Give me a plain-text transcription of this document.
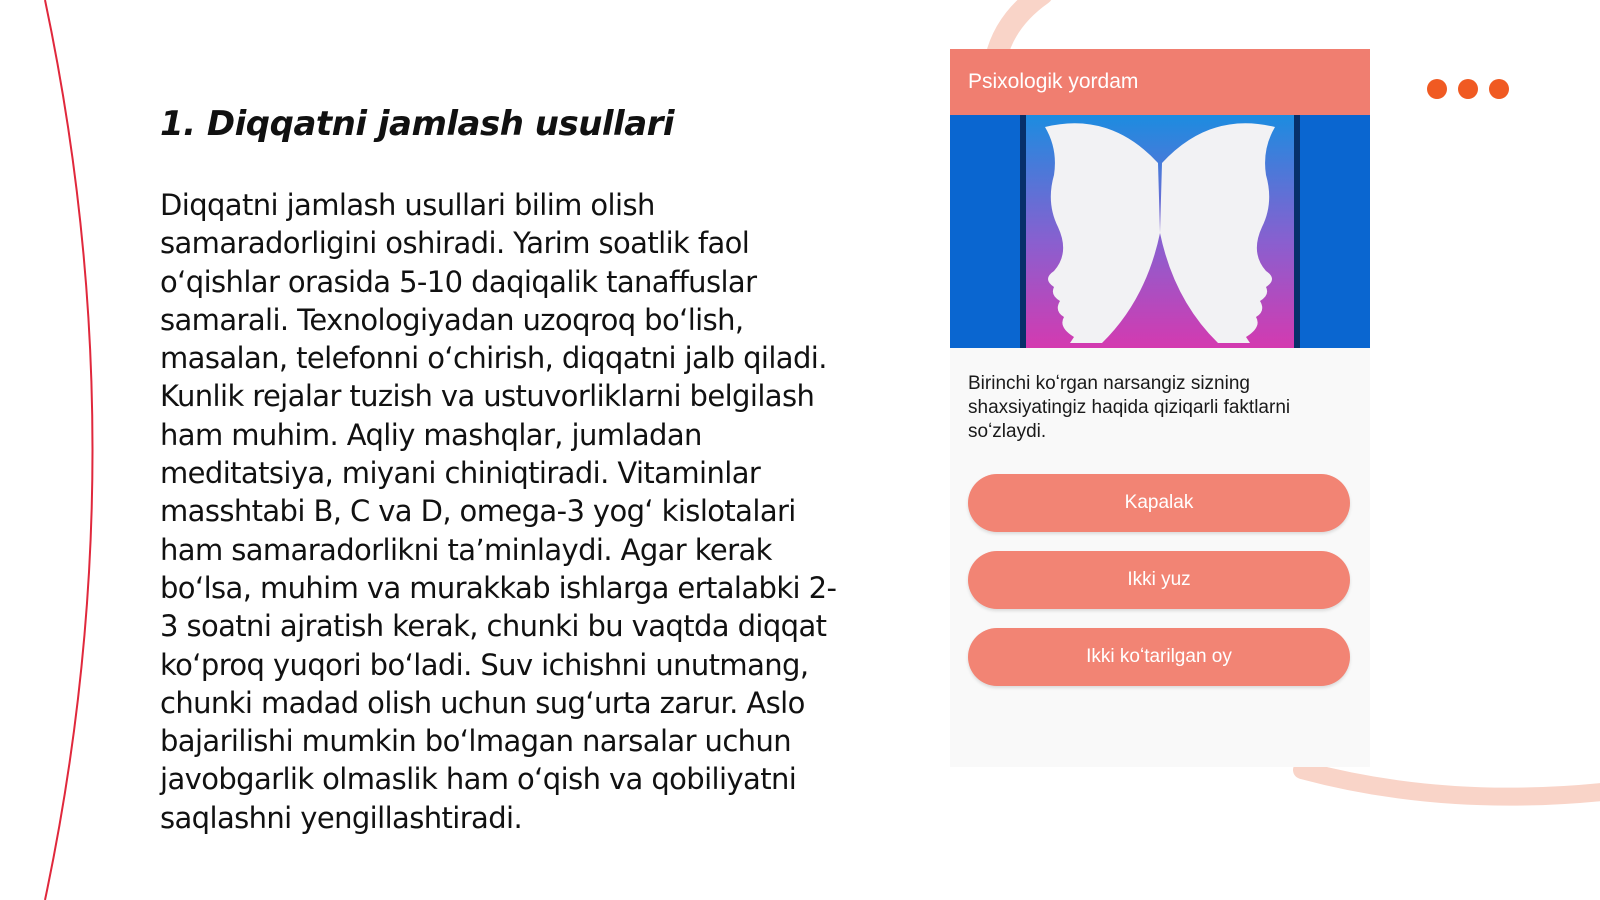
1. Diqqatni jamlash usullari

Diqqatni jamlash usullari bilim olish samaradorligini oshiradi. Yarim soatlik faol oʻqishlar orasida 5-10 daqiqalik tanaffuslar samarali. Texnologiyadan uzoqroq boʻlish, masalan, telefonni oʻchirish, diqqatni jalb qiladi. Kunlik rejalar tuzish va ustuvorliklarni belgilash ham muhim. Aqliy mashqlar, jumladan meditatsiya, miyani chiniqtiradi. Vitaminlar masshtabi B, C va D, omega-3 yogʻ kislotalari ham samaradorlikni taʼminlaydi. Agar kerak boʻlsa, muhim va murakkab ishlarga ertalabki 2-3 soatni ajratish kerak, chunki bu vaqtda diqqat koʻproq yuqori boʻladi. Suv ichishni unutmang, chunki madad olish uchun sugʻurta zarur. Aslo bajarilishi mumkin boʻlmagan narsalar uchun javobgarlik olmaslik ham oʻqish va qobiliyatni saqlashni yengillashtiradi.

Psixologik yordam

Birinchi koʻrgan narsangiz sizning shaxsiyatingiz haqida qiziqarli faktlarni soʻzlaydi.

Kapalak
Ikki yuz
Ikki koʻtarilgan oy
